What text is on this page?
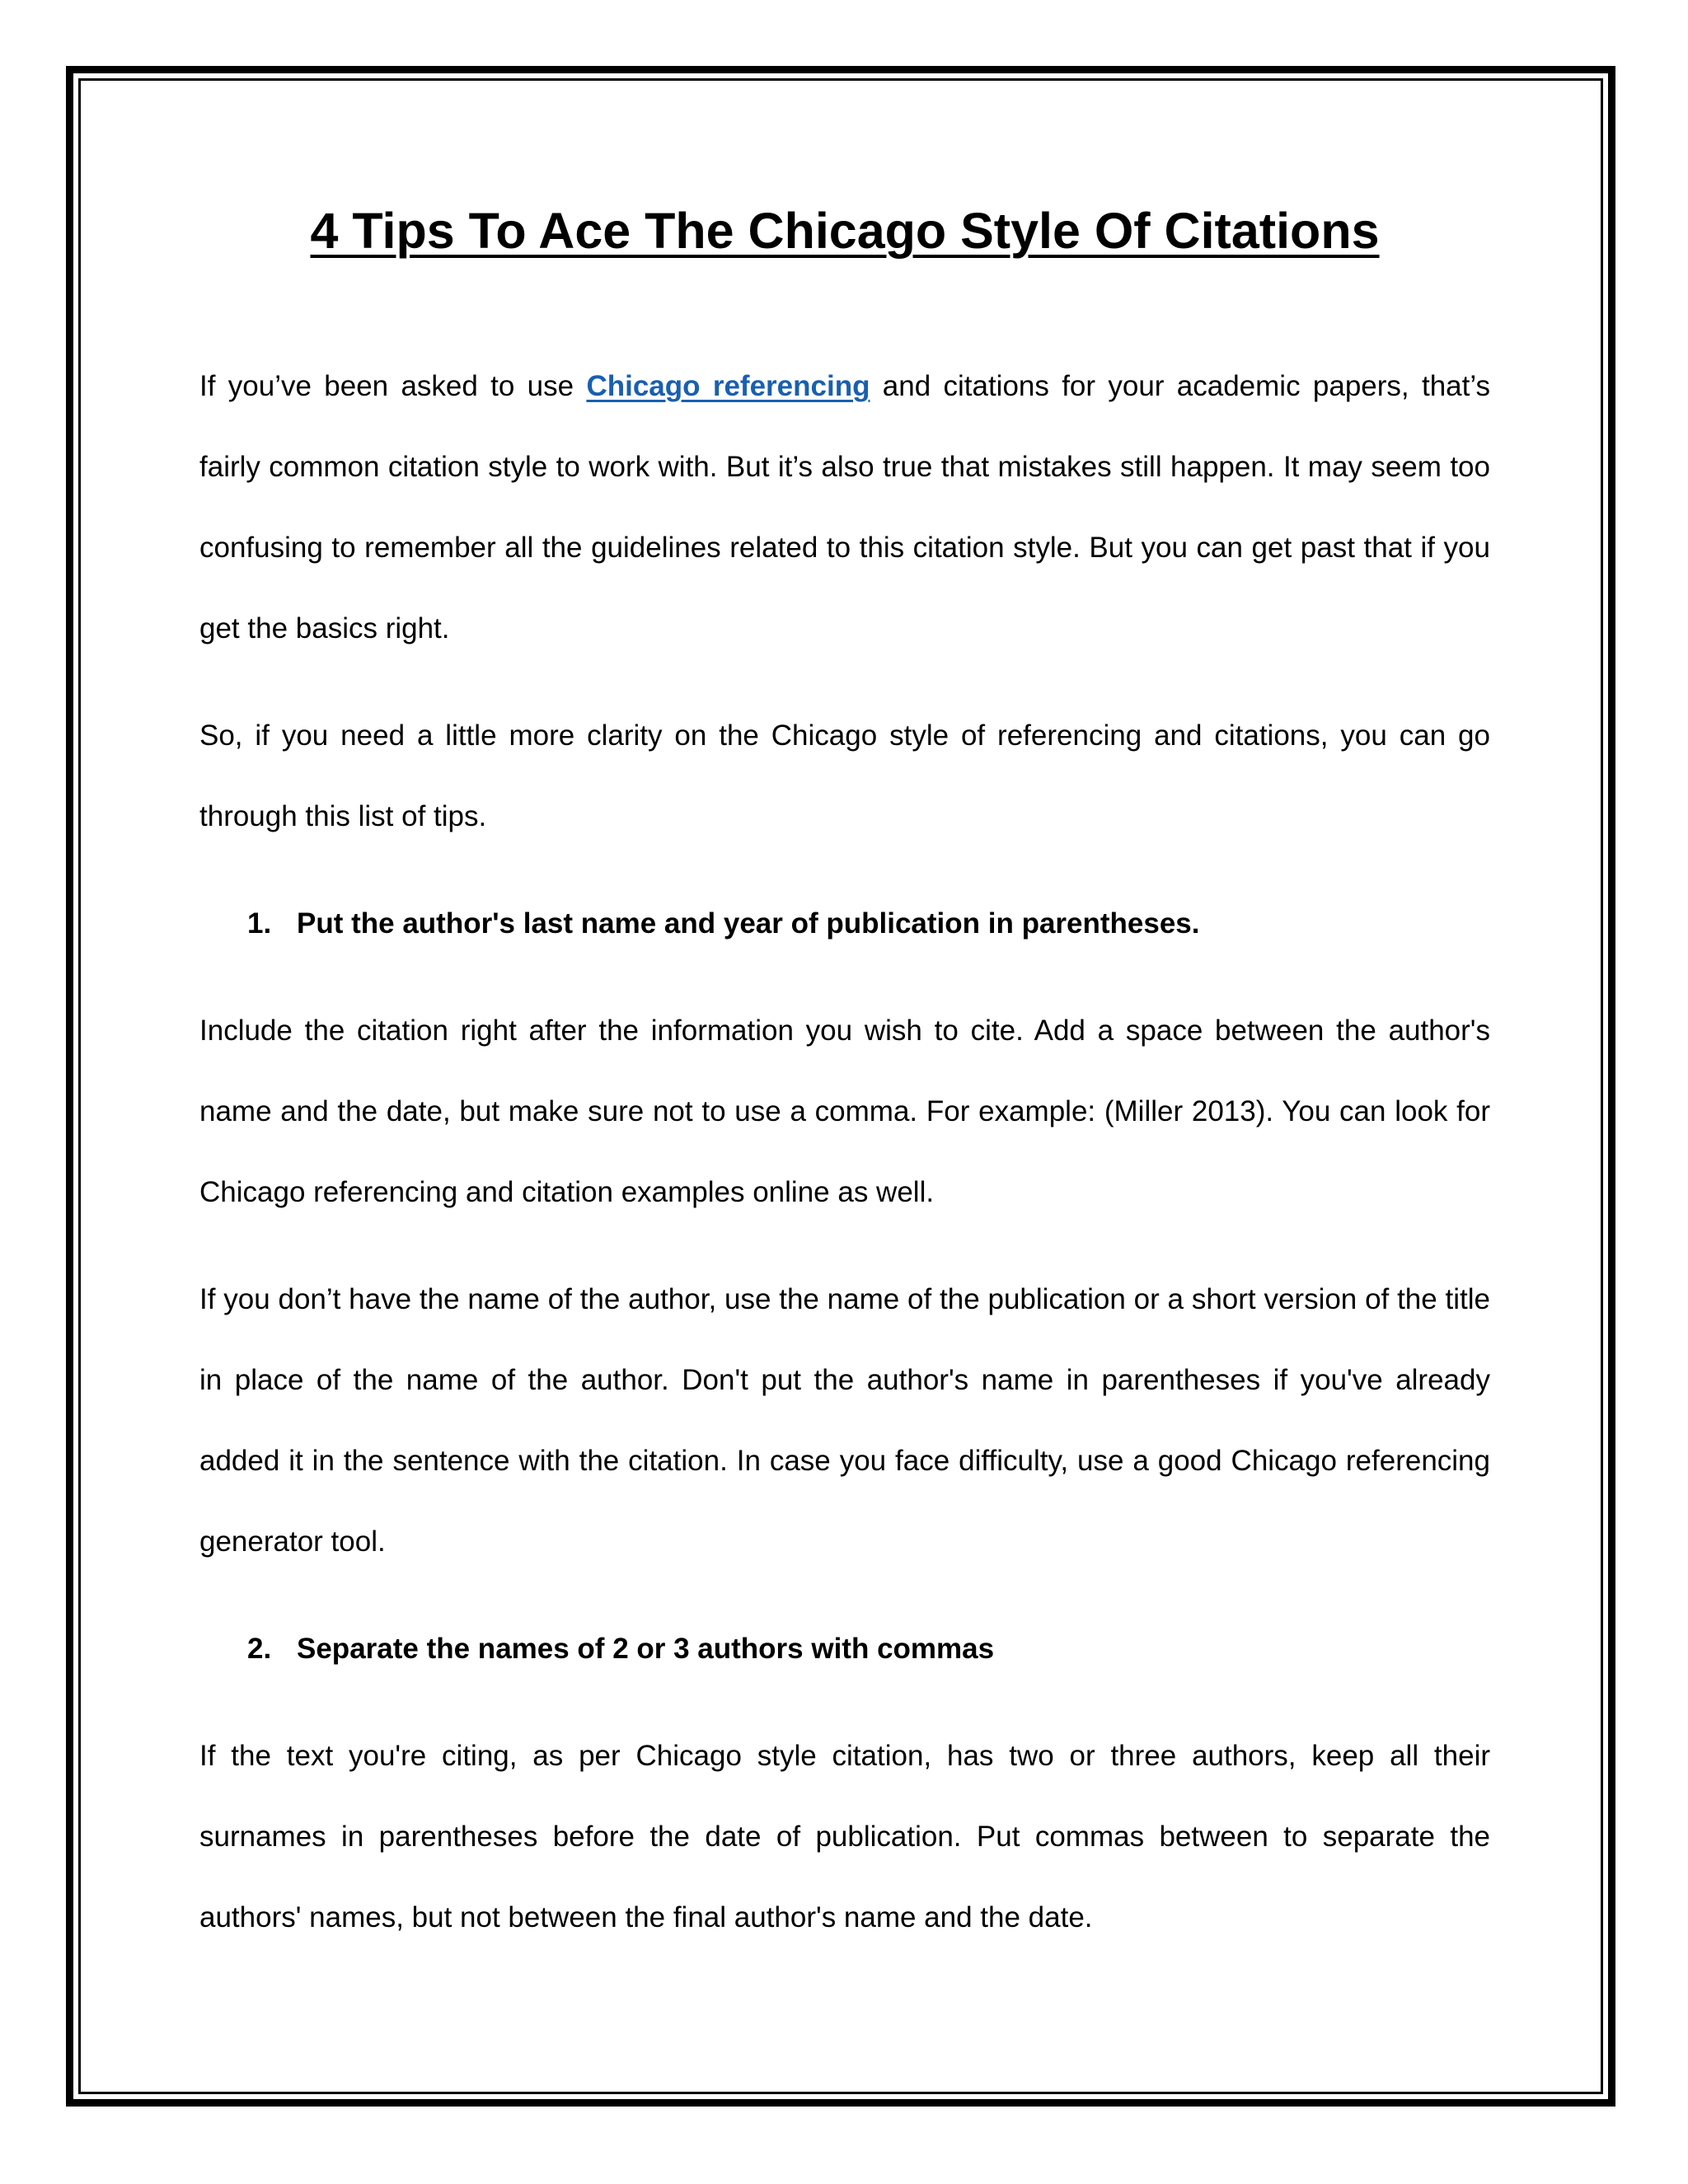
4 Tips To Ace The Chicago Style Of Citations

If you’ve been asked to use Chicago referencing and citations for your academic papers, that’s fairly common citation style to work with. But it’s also true that mistakes still happen. It may seem too confusing to remember all the guidelines related to this citation style. But you can get past that if you get the basics right.

So, if you need a little more clarity on the Chicago style of referencing and citations, you can go through this list of tips.

1. Put the author's last name and year of publication in parentheses.

Include the citation right after the information you wish to cite. Add a space between the author's name and the date, but make sure not to use a comma. For example: (Miller 2013). You can look for Chicago referencing and citation examples online as well.

If you don’t have the name of the author, use the name of the publication or a short version of the title in place of the name of the author. Don't put the author's name in parentheses if you've already added it in the sentence with the citation. In case you face difficulty, use a good Chicago referencing generator tool.

2. Separate the names of 2 or 3 authors with commas

If the text you're citing, as per Chicago style citation, has two or three authors, keep all their surnames in parentheses before the date of publication. Put commas between to separate the authors' names, but not between the final author's name and the date.
